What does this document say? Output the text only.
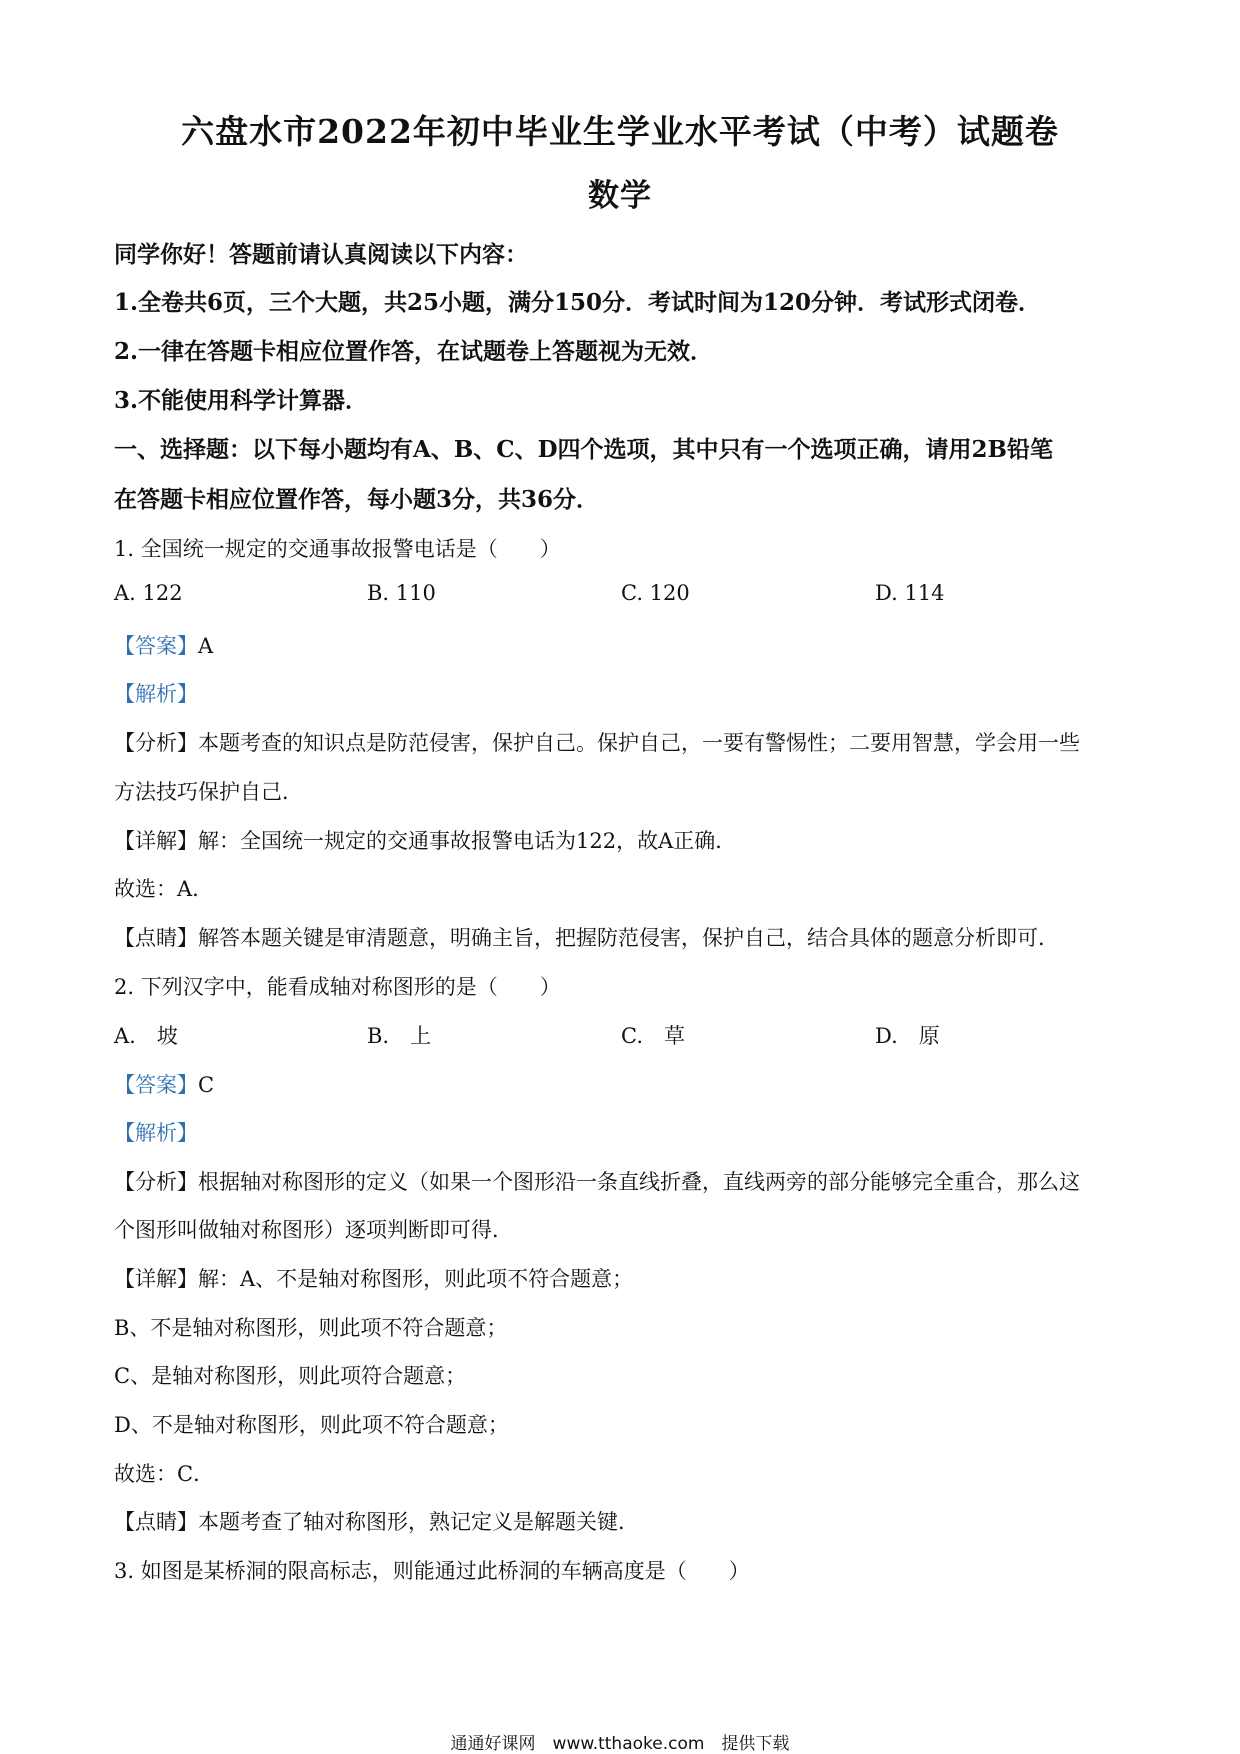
六盘水市2022年初中毕业生学业水平考试（中考）试题卷
数学
同学你好！答题前请认真阅读以下内容：
1.全卷共6页，三个大题，共25小题，满分150分．考试时间为120分钟．考试形式闭卷．
2.一律在答题卡相应位置作答，在试题卷上答题视为无效．
3.不能使用科学计算器．
一、选择题：以下每小题均有A、B、C、D四个选项，其中只有一个选项正确，请用2B铅笔
在答题卡相应位置作答，每小题3分，共36分．
1. 全国统一规定的交通事故报警电话是（　　）
A. 122	B. 110	C. 120	D. 114
【答案】A
【解析】
【分析】本题考查的知识点是防范侵害，保护自己。保护自己，一要有警惕性；二要用智慧，学会用一些
方法技巧保护自己．
【详解】解：全国统一规定的交通事故报警电话为122，故A正确．
故选：A．
【点睛】解答本题关键是审清题意，明确主旨，把握防范侵害，保护自己，结合具体的题意分析即可．
2. 下列汉字中，能看成轴对称图形的是（　　）
A.　坡	B.　上	C.　草	D.　原
【答案】C
【解析】
【分析】根据轴对称图形的定义（如果一个图形沿一条直线折叠，直线两旁的部分能够完全重合，那么这
个图形叫做轴对称图形）逐项判断即可得．
【详解】解：A、不是轴对称图形，则此项不符合题意；
B、不是轴对称图形，则此项不符合题意；
C、是轴对称图形，则此项符合题意；
D、不是轴对称图形，则此项不符合题意；
故选：C．
【点睛】本题考查了轴对称图形，熟记定义是解题关键．
3. 如图是某桥洞的限高标志，则能通过此桥洞的车辆高度是（　　）
通通好课网　www.tthaoke.com　提供下载
